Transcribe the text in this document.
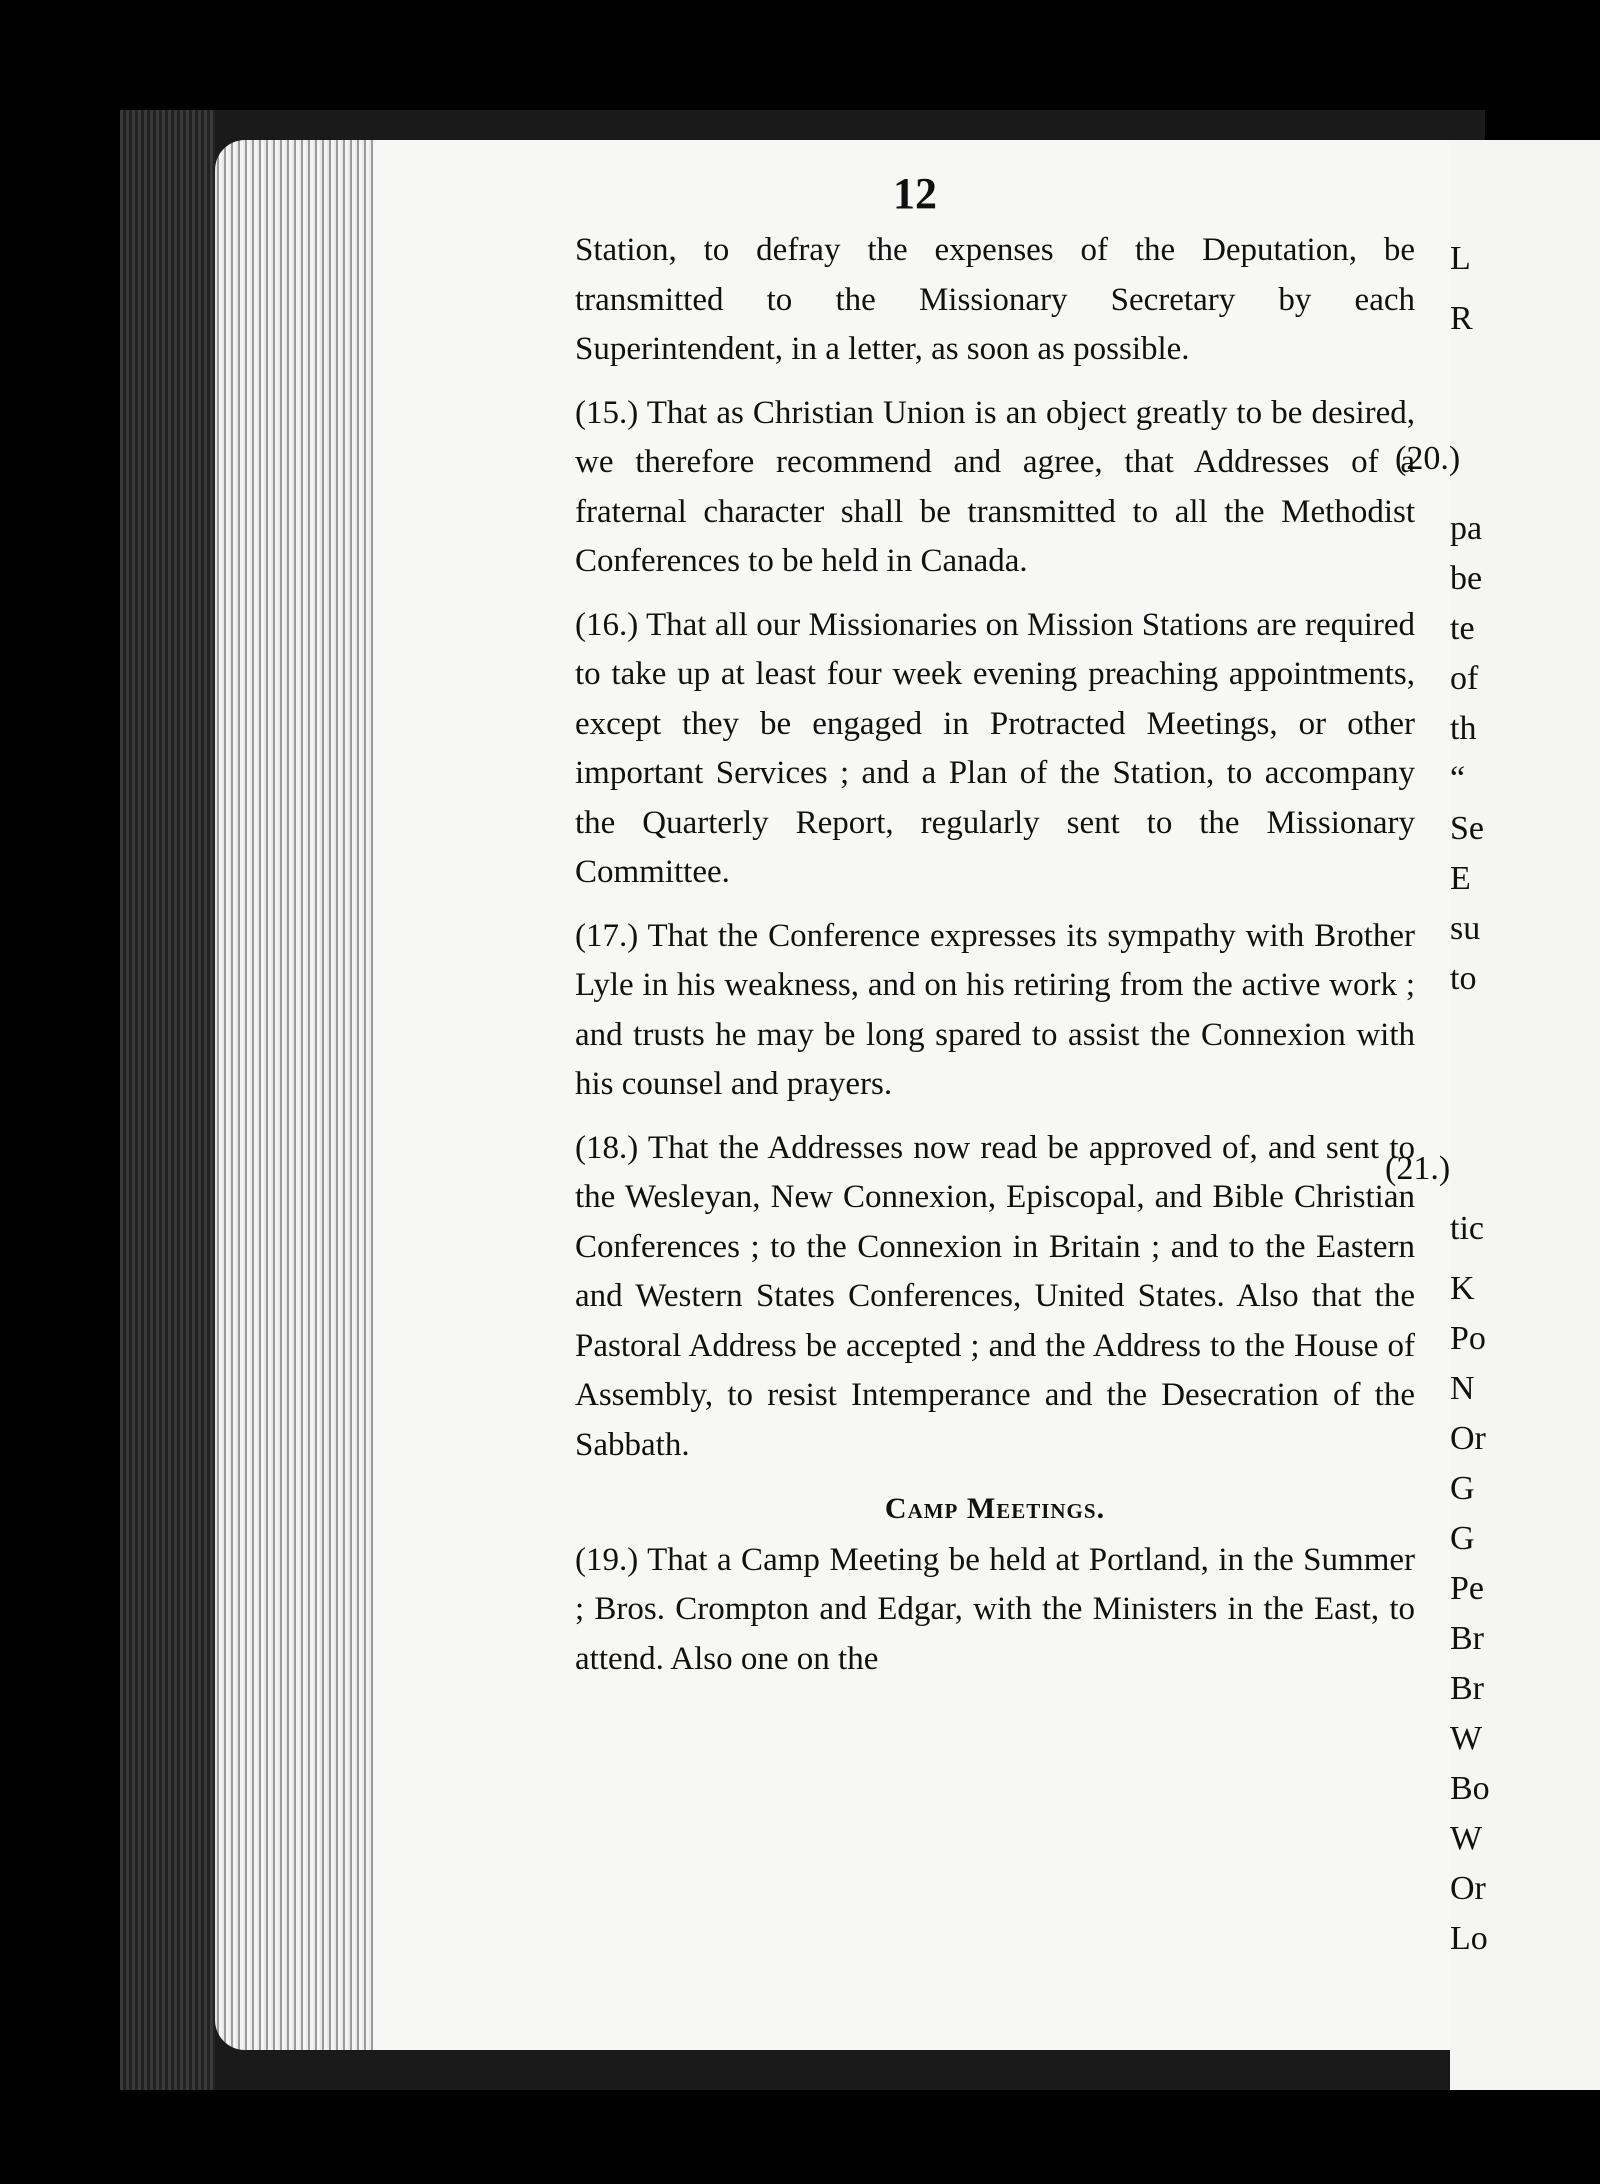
12

Station, to defray the expenses of the Deputation, be transmitted to the Missionary Secretary by each Superintendent, in a letter, as soon as possible.

(15.) That as Christian Union is an object greatly to be desired, we therefore recommend and agree, that Addresses of a fraternal character shall be transmitted to all the Methodist Conferences to be held in Canada.

(16.) That all our Missionaries on Mission Stations are required to take up at least four week evening preaching appointments, except they be engaged in Protracted Meetings, or other important Services ; and a Plan of the Station, to accompany the Quarterly Report, regularly sent to the Missionary Committee.

(17.) That the Conference expresses its sympathy with Brother Lyle in his weakness, and on his retiring from the active work ; and trusts he may be long spared to assist the Connexion with his counsel and prayers.

(18.) That the Addresses now read be approved of, and sent to the Wesleyan, New Connexion, Episcopal, and Bible Christian Conferences ; to the Connexion in Britain ; and to the Eastern and Western States Conferences, United States. Also that the Pastoral Address be accepted ; and the Address to the House of Assembly, to resist Intemperance and the Desecration of the Sabbath.

Camp Meetings.

(19.) That a Camp Meeting be held at Portland, in the Summer ; Bros. Crompton and Edgar, with the Ministers in the East, to attend. Also one on the

L
R
(20.)
pa
be
te
of
th
“
Se
E
su
to
(21.)
tic
K
Po
N
Or
G
G
Pe
Br
Br
W
Bo
W
Or
Lo
